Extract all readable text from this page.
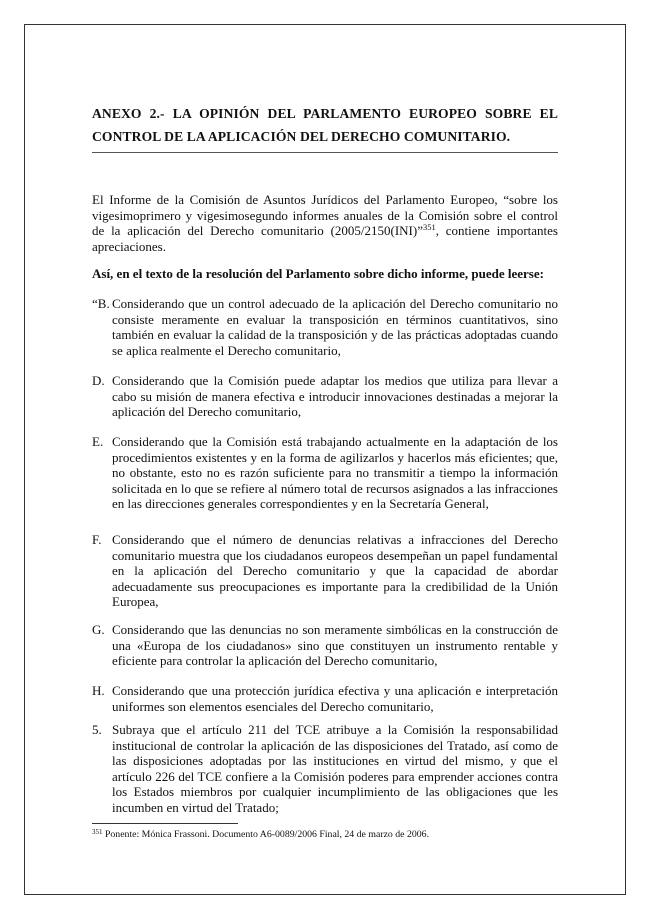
ANEXO 2.- LA OPINIÓN DEL PARLAMENTO EUROPEO SOBRE EL CONTROL DE LA APLICACIÓN DEL DERECHO COMUNITARIO.

El Informe de la Comisión de Asuntos Jurídicos del Parlamento Europeo, “sobre los vigesimoprimero y vigesimosegundo informes anuales de la Comisión sobre el control de la aplicación del Derecho comunitario (2005/2150(INI)”$^{351}$, contiene importantes apreciaciones.

Así, en el texto de la resolución del Parlamento sobre dicho informe, puede leerse:
“B. Considerando que un control adecuado de la aplicación del Derecho comunitario no consiste meramente en evaluar la transposición en términos cuantitativos, sino también en evaluar la calidad de la transposición y de las prácticas adoptadas cuando se aplica realmente el Derecho comunitario,
D. Considerando que la Comisión puede adaptar los medios que utiliza para llevar a cabo su misión de manera efectiva e introducir innovaciones destinadas a mejorar la aplicación del Derecho comunitario,
E. Considerando que la Comisión está trabajando actualmente en la adaptación de los procedimientos existentes y en la forma de agilizarlos y hacerlos más eficientes; que, no obstante, esto no es razón suficiente para no transmitir a tiempo la información solicitada en lo que se refiere al número total de recursos asignados a las infracciones en las direcciones generales correspondientes y en la Secretaría General,
F. Considerando que el número de denuncias relativas a infracciones del Derecho comunitario muestra que los ciudadanos europeos desempeñan un papel fundamental en la aplicación del Derecho comunitario y que la capacidad de abordar adecuadamente sus preocupaciones es importante para la credibilidad de la Unión Europea,
G. Considerando que las denuncias no son meramente simbólicas en la construcción de una «Europa de los ciudadanos» sino que constituyen un instrumento rentable y eficiente para controlar la aplicación del Derecho comunitario,
H. Considerando que una protección jurídica efectiva y una aplicación e interpretación uniformes son elementos esenciales del Derecho comunitario,
5. Subraya que el artículo 211 del TCE atribuye a la Comisión la responsabilidad institucional de controlar la aplicación de las disposiciones del Tratado, así como de las disposiciones adoptadas por las instituciones en virtud del mismo, y que el artículo 226 del TCE confiere a la Comisión poderes para emprender acciones contra los Estados miembros por cualquier incumplimiento de las obligaciones que les incumben en virtud del Tratado;
$^{351}$ Ponente: Mónica Frassoni. Documento A6-0089/2006 Final, 24 de marzo de 2006.
